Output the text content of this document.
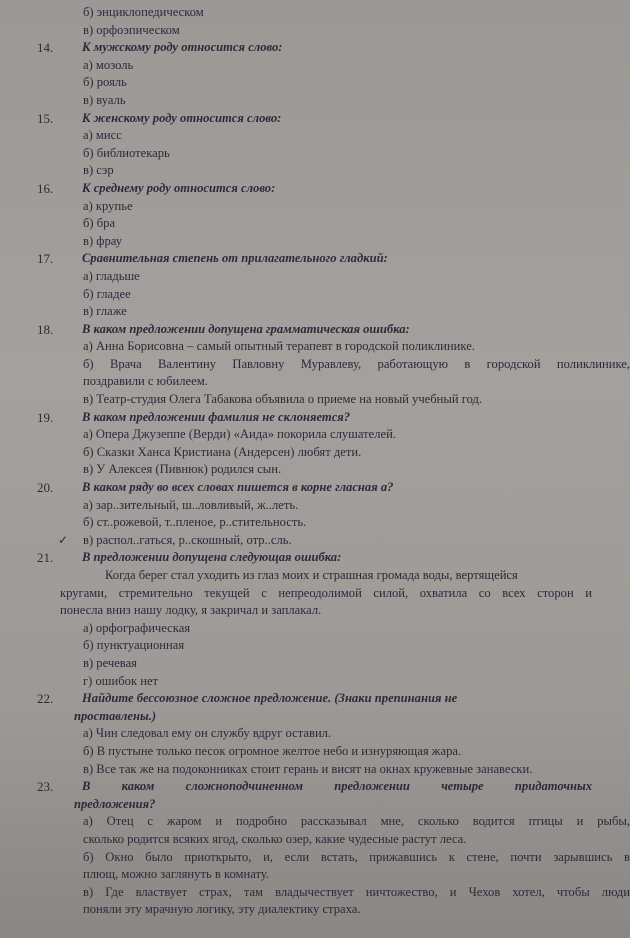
б) энциклопедическом
в) орфоэпическом
14. К мужскому роду относится слово:
а) мозоль
б) рояль
в) вуаль
15. К женскому роду относится слово:
а) мисс
б) библиотекарь
в) сэр
16. К среднему роду относится слово:
а) крупье
б) бра
в) фрау
17. Сравнительная степень от прилагательного гладкий:
а) гладьше
б) гладее
в) глаже
18. В каком предложении допущена грамматическая ошибка:
а) Анна Борисовна – самый опытный терапевт в городской поликлинике.
б) Врача Валентину Павловну Муравлеву, работающую в городской поликлинике,
поздравили с юбилеем.
в) Театр-студия Олега Табакова объявила о приеме на новый учебный год.
19. В каком предложении фамилия не склоняется?
а) Опера Джузеппе (Верди) «Аида» покорила слушателей.
б) Сказки Ханса Кристиана (Андерсен) любят дети.
в) У Алексея (Пивнюк) родился сын.
20. В каком ряду во всех словах пишется в корне гласная а?
а) зар..зительный, ш..ловливый, ж..леть.
б) ст..рожевой, т..пленое, р..стительность.
✓ в) распол..гаться, р..скошный, отр..сль.
21. В предложении допущена следующая ошибка:
Когда берег стал уходить из глаз моих и страшная громада воды, вертящейся
кругами, стремительно текущей с непреодолимой силой, охватила со всех сторон и
понесла вниз нашу лодку, я закричал и заплакал.
а) орфографическая
б) пунктуационная
в) речевая
г) ошибок нет
22. Найдите бессоюзное сложное предложение. (Знаки препинания не
проставлены.)
а) Чин следовал ему он службу вдруг оставил.
б) В пустыне только песок огромное желтое небо и изнуряющая жара.
в) Все так же на подоконниках стоит герань и висят на окнах кружевные занавески.
23. В каком сложноподчиненном предложении четыре придаточных
предложения?
а) Отец с жаром и подробно рассказывал мне, сколько водится птицы и рыбы,
сколько родится всяких ягод, сколько озер, какие чудесные растут леса.
б) Окно было приоткрыто, и, если встать, прижавшись к стене, почти зарывшись в
плющ, можно заглянуть в комнату.
в) Где властвует страх, там владычествует ничтожество, и Чехов хотел, чтобы люди
поняли эту мрачную логику, эту диалектику страха.
